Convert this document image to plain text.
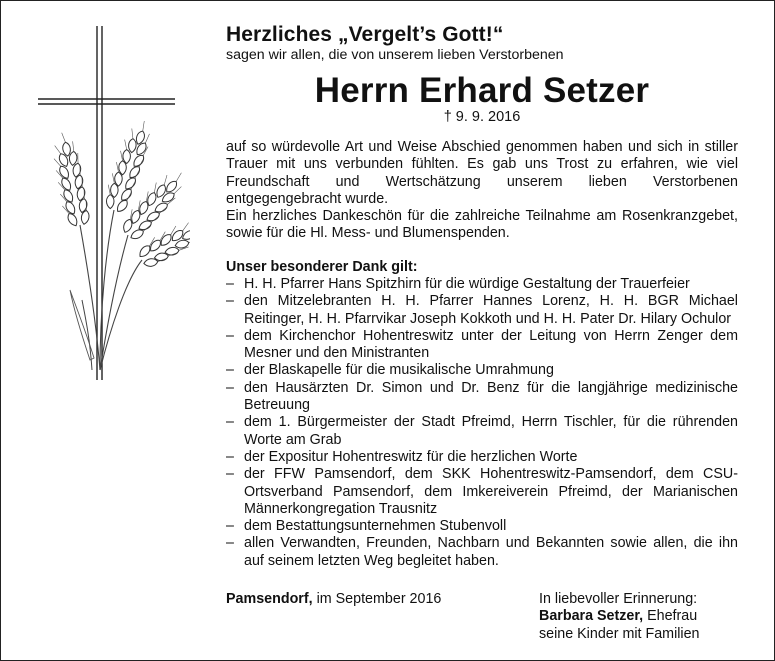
Herzliches „Vergelt’s Gott!“
sagen wir allen, die von unserem lieben Verstorbenen
Herrn Erhard Setzer
† 9. 9. 2016

auf so würdevolle Art und Weise Abschied genommen haben und sich in stiller Trauer mit uns verbunden fühlten. Es gab uns Trost zu erfahren, wie viel Freundschaft und Wertschätzung unserem lieben Verstorbenen entgegengebracht wurde.

Ein herzliches Dankeschön für die zahlreiche Teilnahme am Rosenkranzgebet, sowie für die Hl. Mess- und Blumenspenden.

Unser besonderer Dank gilt:
– H. H. Pfarrer Hans Spitzhirn für die würdige Gestaltung der Trauerfeier
– den Mitzelebranten H. H. Pfarrer Hannes Lorenz, H. H. BGR Michael Reitinger, H. H. Pfarrvikar Joseph Kokkoth und H. H. Pater Dr. Hilary Ochulor
– dem Kirchenchor Hohentreswitz unter der Leitung von Herrn Zenger dem Mesner und den Ministranten
– der Blaskapelle für die musikalische Umrahmung
– den Hausärzten Dr. Simon und Dr. Benz für die langjährige medizinische Betreuung
– dem 1. Bürgermeister der Stadt Pfreimd, Herrn Tischler, für die rührenden Worte am Grab
– der Expositur Hohentreswitz für die herzlichen Worte
– der FFW Pamsendorf, dem SKK Hohentreswitz-Pamsendorf, dem CSU-Ortsverband Pamsendorf, dem Imkereiverein Pfreimd, der Marianischen Männerkongregation Trausnitz
– dem Bestattungsunternehmen Stubenvoll
– allen Verwandten, Freunden, Nachbarn und Bekannten sowie allen, die ihn auf seinem letzten Weg begleitet haben.
Pamsendorf, im September 2016	In liebevoller Erinnerung:
Barbara Setzer, Ehefrau
seine Kinder mit Familien
